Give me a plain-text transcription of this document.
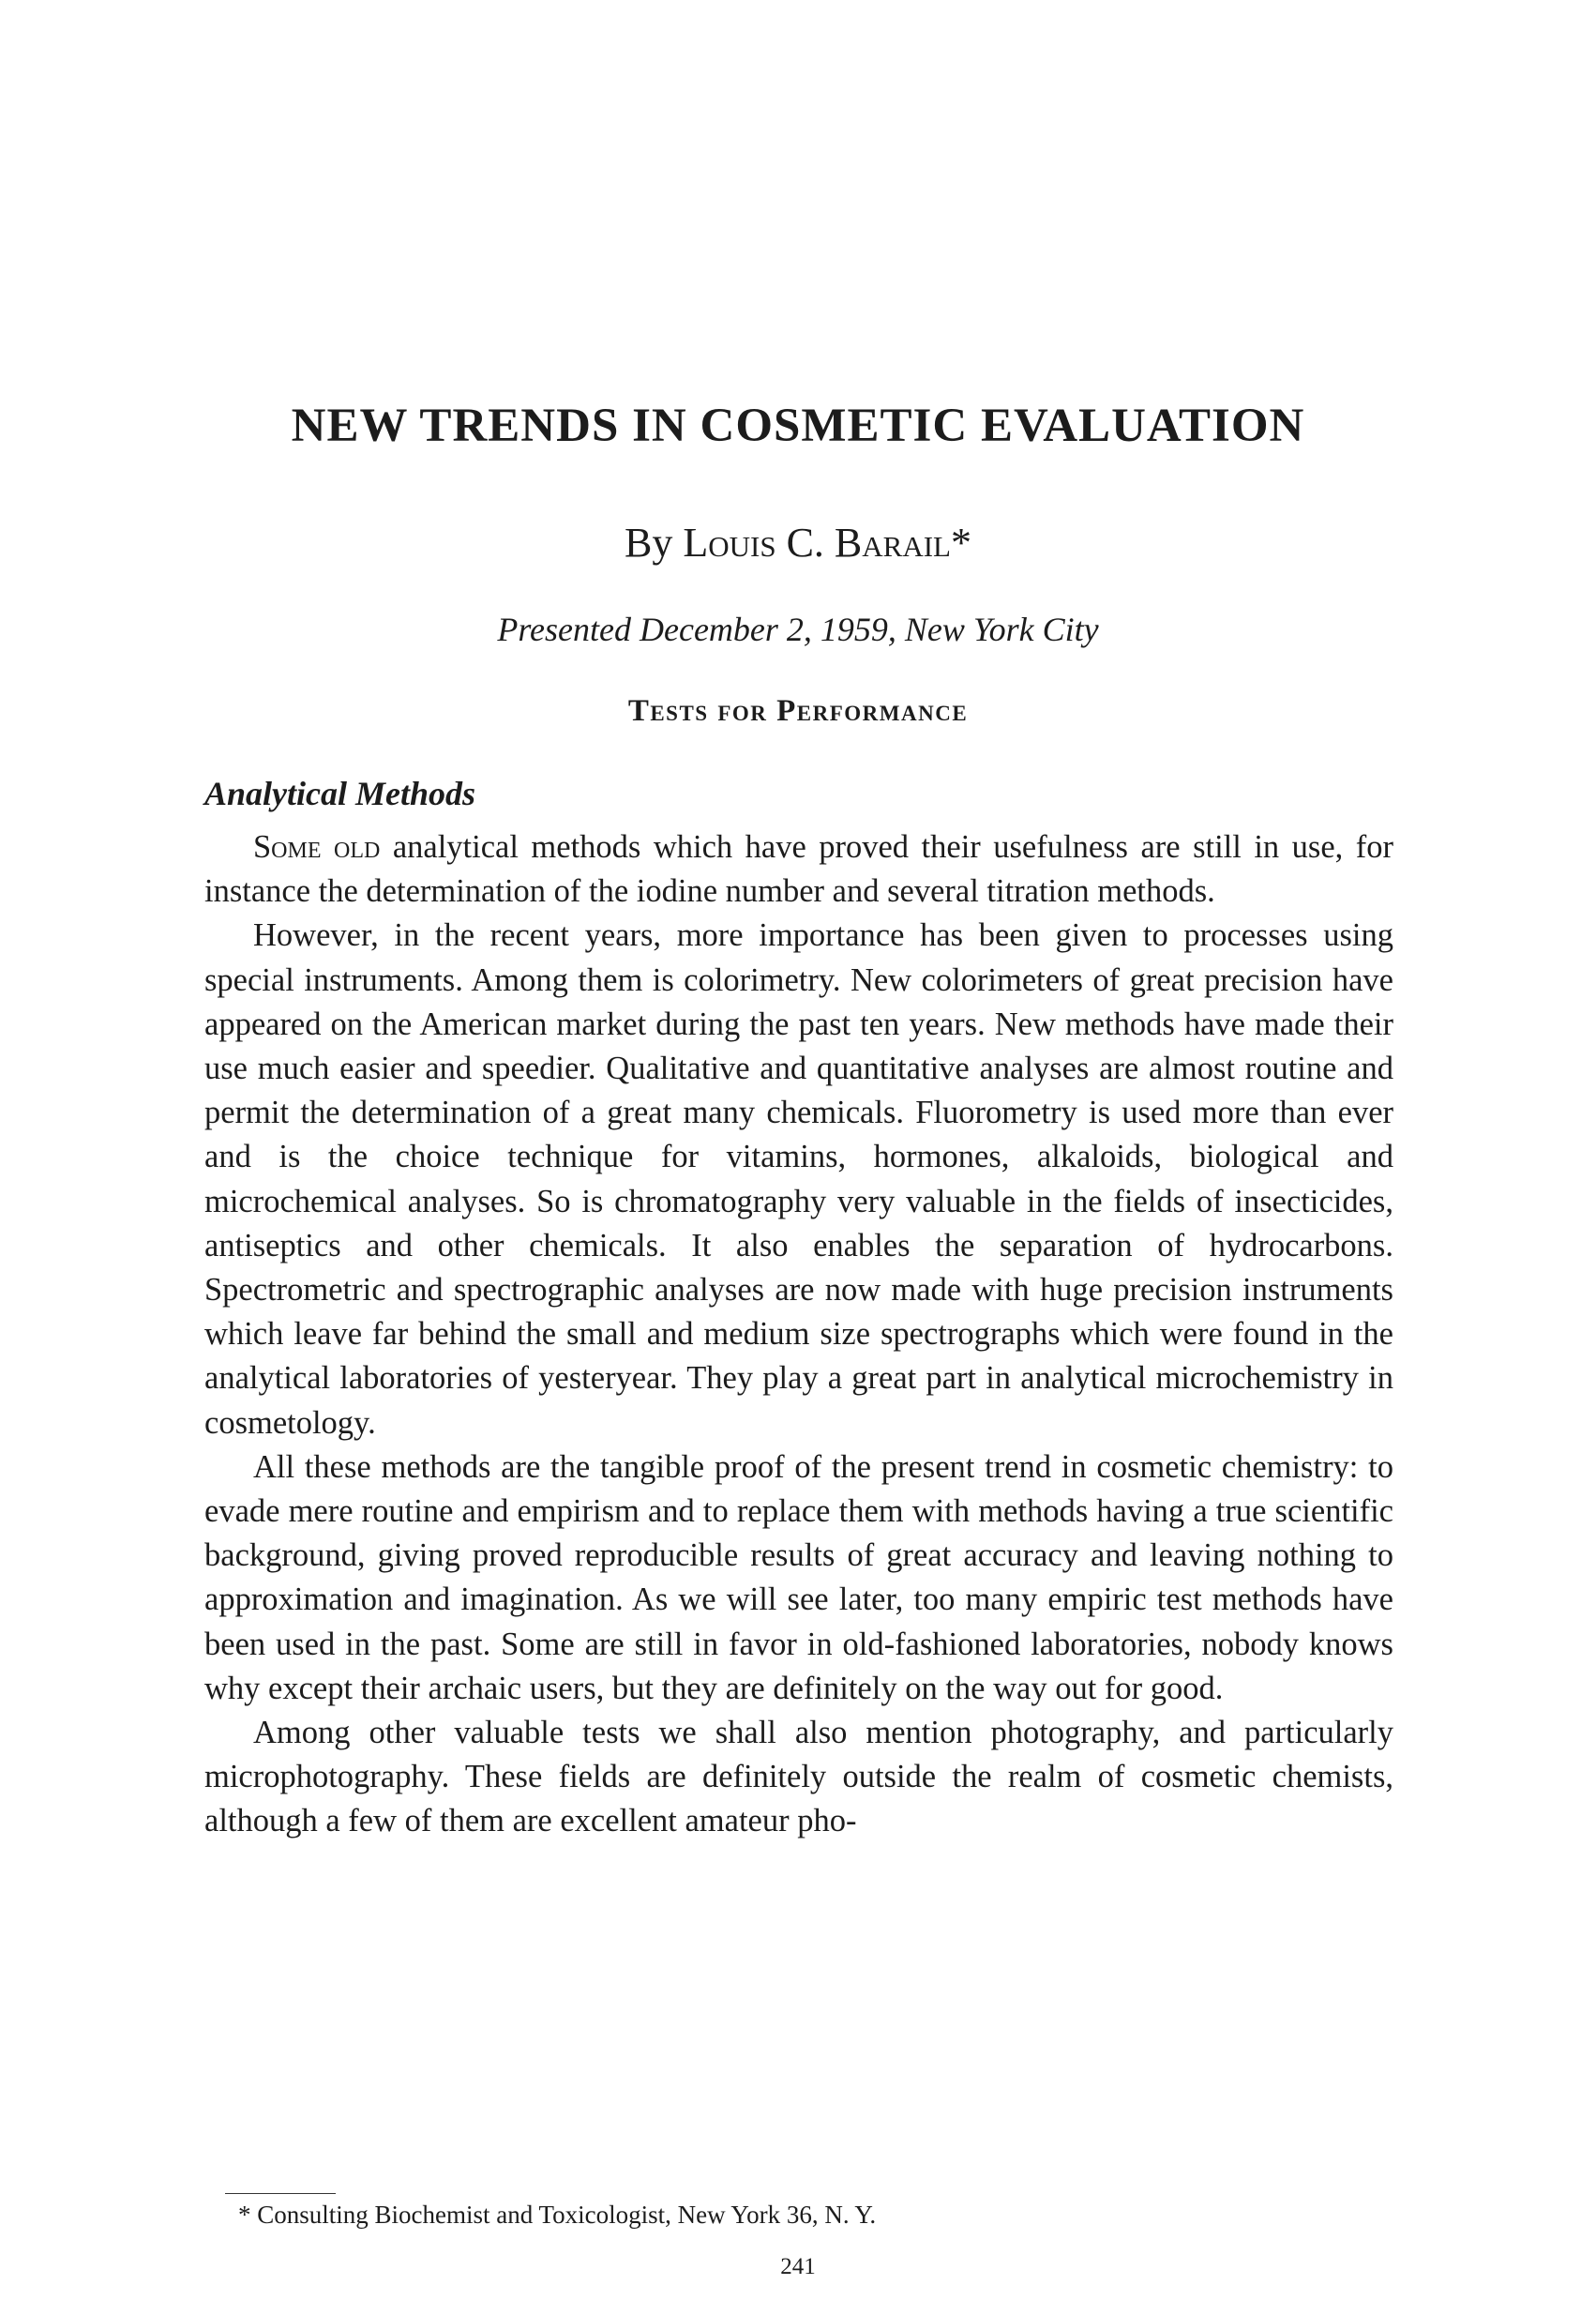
NEW TRENDS IN COSMETIC EVALUATION

By Louis C. Barail*

Presented December 2, 1959, New York City

Tests for Performance
Analytical Methods

Some old analytical methods which have proved their usefulness are still in use, for instance the determination of the iodine number and several titration methods.

However, in the recent years, more importance has been given to processes using special instruments. Among them is colorimetry. New colorimeters of great precision have appeared on the American market during the past ten years. New methods have made their use much easier and speedier. Qualitative and quantitative analyses are almost routine and permit the determination of a great many chemicals. Fluorometry is used more than ever and is the choice technique for vitamins, hormones, alkaloids, biological and microchemical analyses. So is chromatography very valuable in the fields of insecticides, antiseptics and other chemicals. It also enables the separation of hydrocarbons. Spectrometric and spectrographic analyses are now made with huge precision instruments which leave far behind the small and medium size spectrographs which were found in the analytical laboratories of yesteryear. They play a great part in analytical microchemistry in cosmetology.

All these methods are the tangible proof of the present trend in cosmetic chemistry: to evade mere routine and empirism and to replace them with methods having a true scientific background, giving proved reproducible results of great accuracy and leaving nothing to approximation and imagination. As we will see later, too many empiric test methods have been used in the past. Some are still in favor in old-fashioned laboratories, nobody knows why except their archaic users, but they are definitely on the way out for good.

Among other valuable tests we shall also mention photography, and particularly microphotography. These fields are definitely outside the realm of cosmetic chemists, although a few of them are excellent amateur pho-

* Consulting Biochemist and Toxicologist, New York 36, N. Y.

241
